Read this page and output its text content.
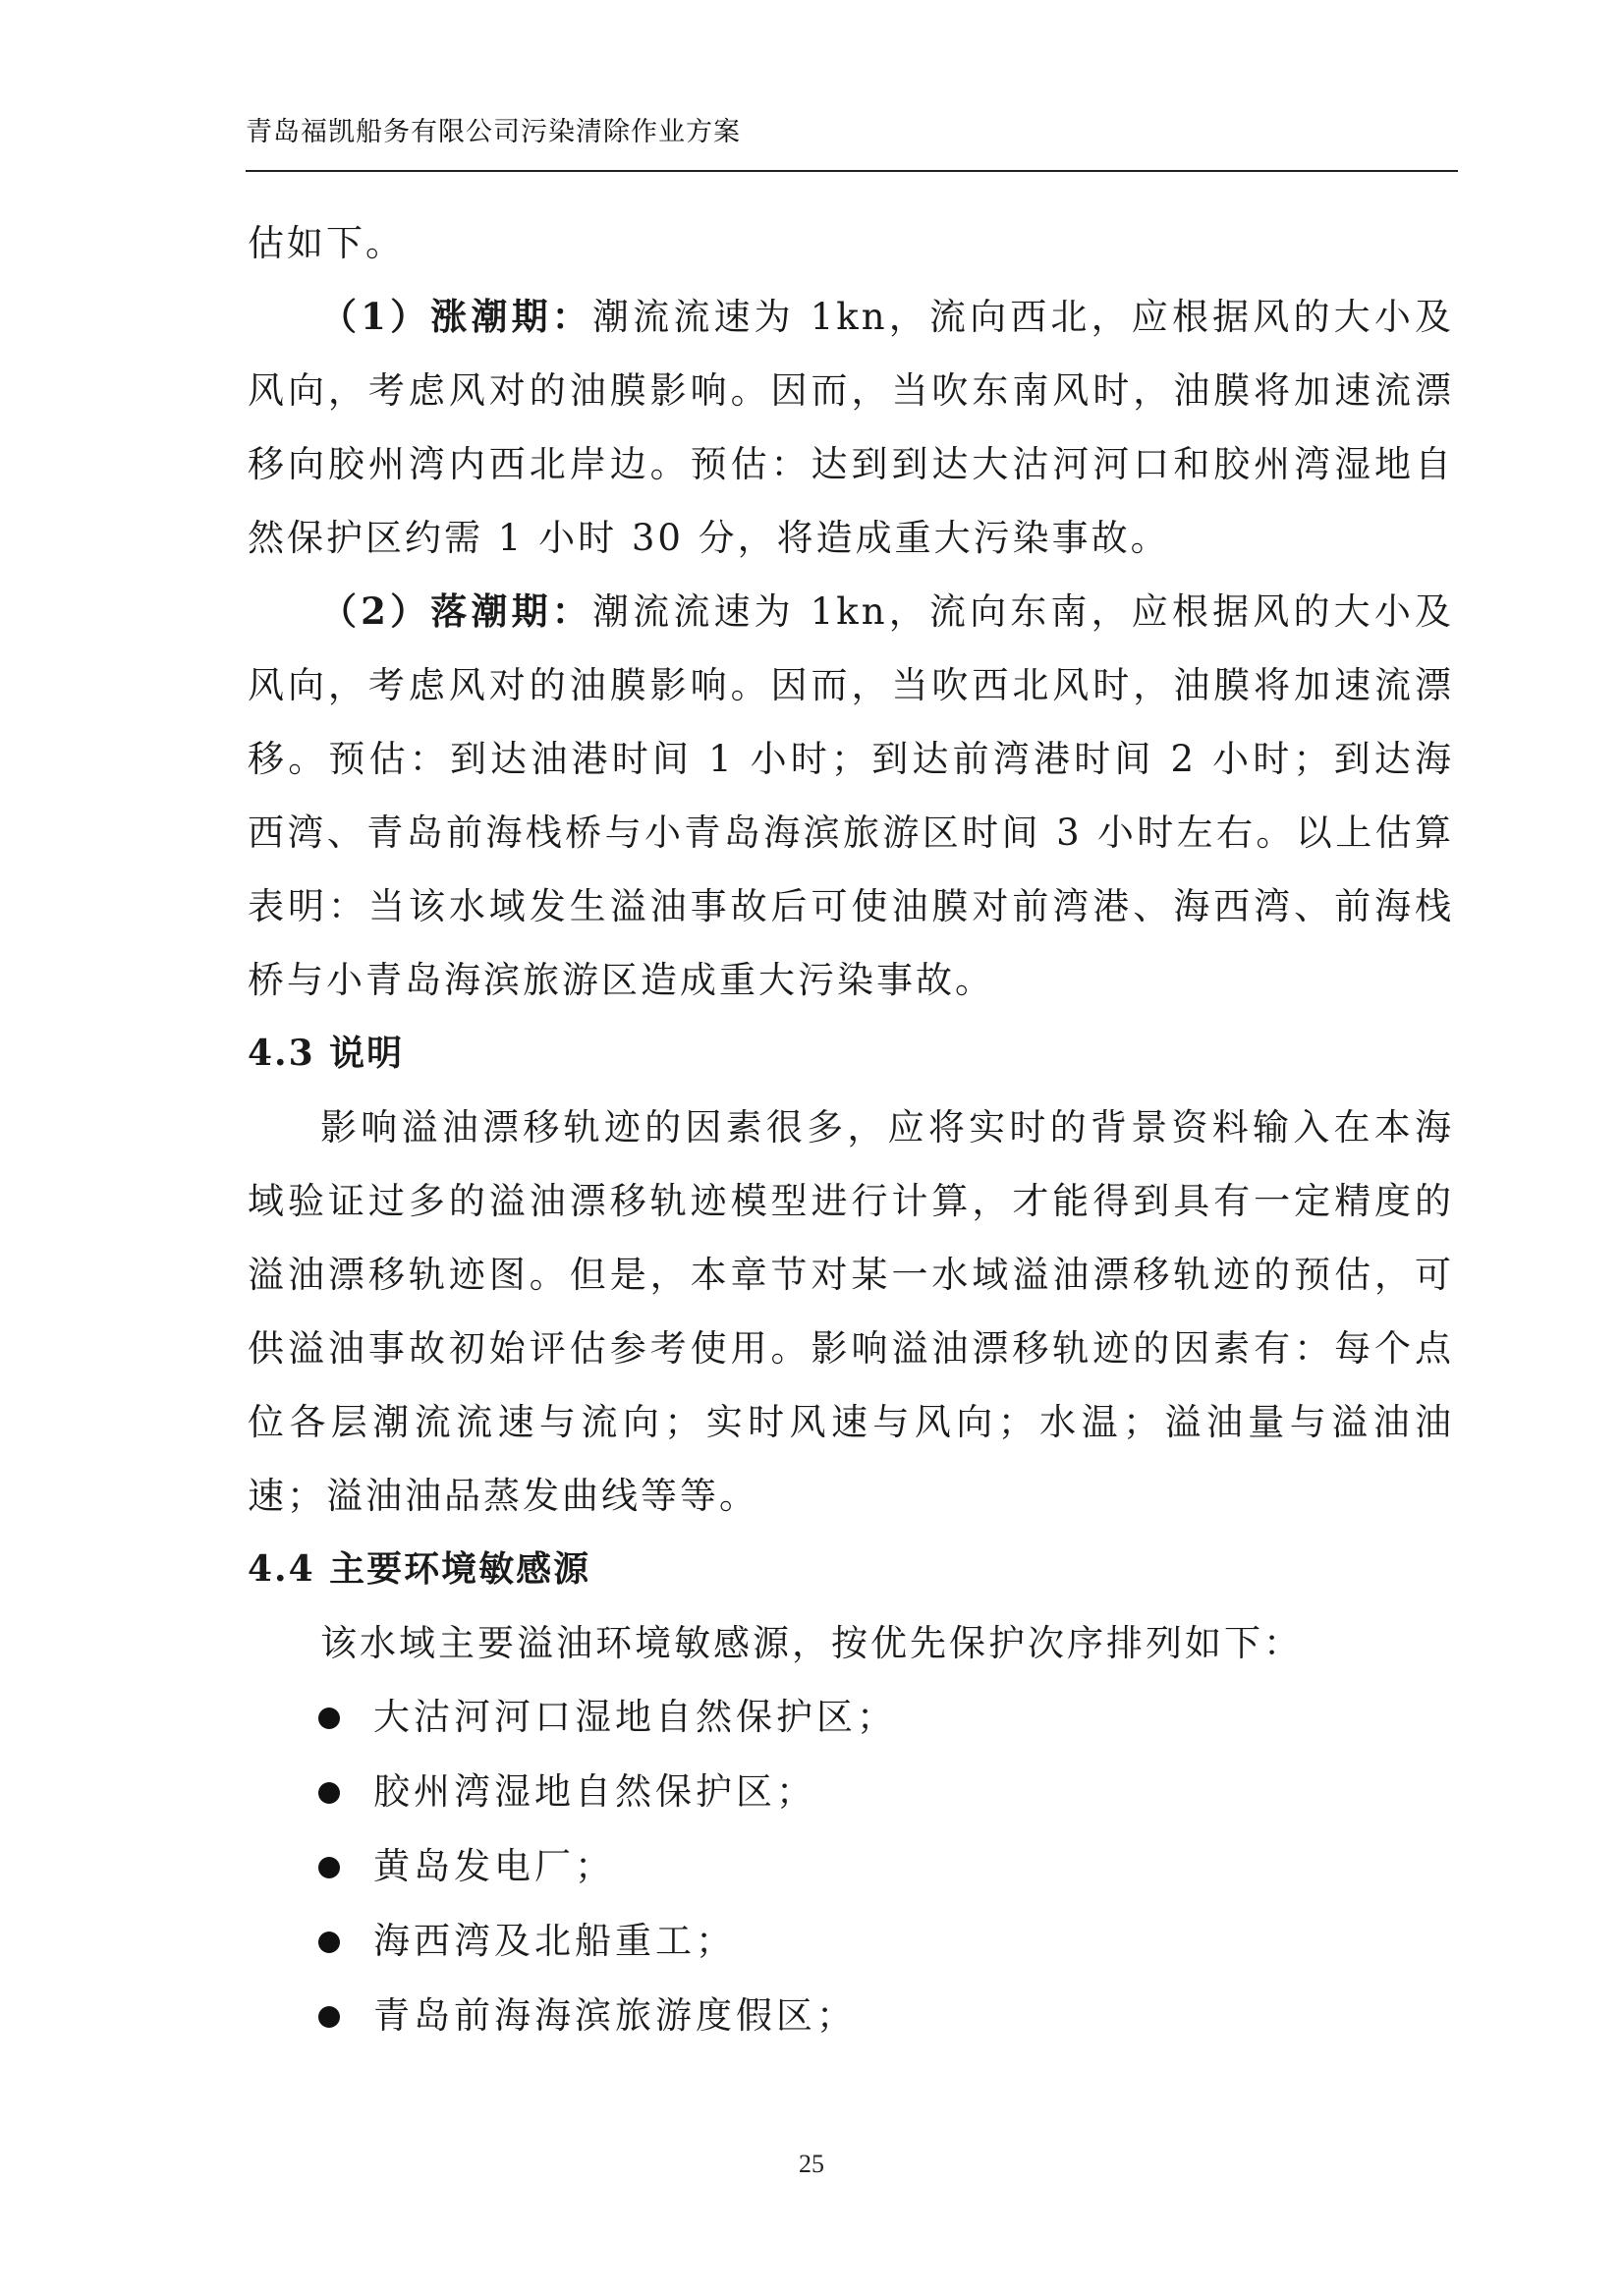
青岛福凯船务有限公司污染清除作业方案

估如下。

（1）涨潮期：潮流流速为 1kn，流向西北，应根据风的大小及风向，考虑风对的油膜影响。因而，当吹东南风时，油膜将加速流漂移向胶州湾内西北岸边。预估：达到到达大沽河河口和胶州湾湿地自然保护区约需 1 小时 30 分，将造成重大污染事故。

（2）落潮期：潮流流速为 1kn，流向东南，应根据风的大小及风向，考虑风对的油膜影响。因而，当吹西北风时，油膜将加速流漂移。预估：到达油港时间 1 小时；到达前湾港时间 2 小时；到达海西湾、青岛前海栈桥与小青岛海滨旅游区时间 3 小时左右。以上估算表明：当该水域发生溢油事故后可使油膜对前湾港、海西湾、前海栈桥与小青岛海滨旅游区造成重大污染事故。

4.3 说明

影响溢油漂移轨迹的因素很多，应将实时的背景资料输入在本海域验证过多的溢油漂移轨迹模型进行计算，才能得到具有一定精度的溢油漂移轨迹图。但是，本章节对某一水域溢油漂移轨迹的预估，可供溢油事故初始评估参考使用。影响溢油漂移轨迹的因素有：每个点位各层潮流流速与流向；实时风速与风向；水温；溢油量与溢油油速；溢油油品蒸发曲线等等。

4.4 主要环境敏感源

该水域主要溢油环境敏感源，按优先保护次序排列如下：

大沽河河口湿地自然保护区；
胶州湾湿地自然保护区；
黄岛发电厂；
海西湾及北船重工；
青岛前海海滨旅游度假区；
25
